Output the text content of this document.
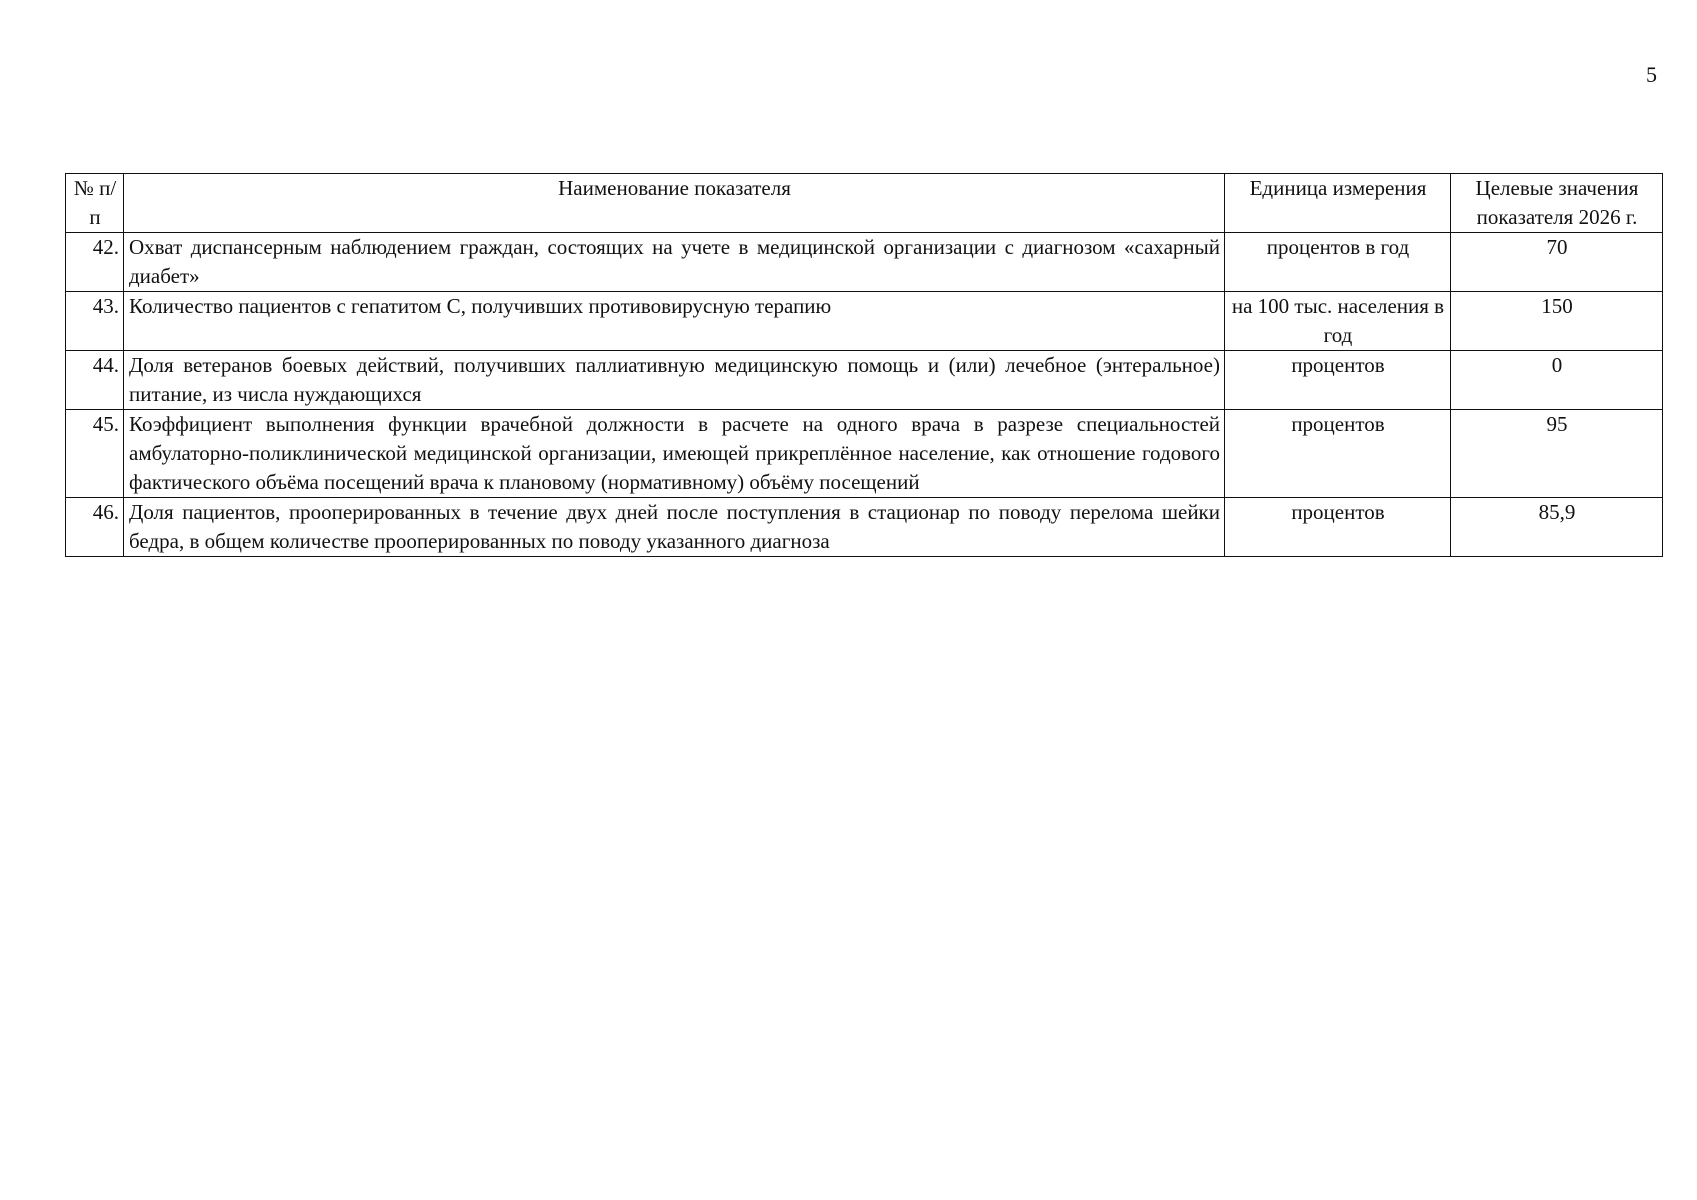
5
№ п/п	Наименование показателя	Единица измерения	Целевые значения показателя 2026 г.
42.	Охват диспансерным наблюдением граждан, состоящих на учете в медицинской организации с диагнозом «сахарный диабет»	процентов в год	70
43.	Количество пациентов с гепатитом С, получивших противовирусную терапию	на 100 тыс. населения в год	150
44.	Доля ветеранов боевых действий, получивших паллиативную медицинскую помощь и (или) лечебное (энтеральное) питание, из числа нуждающихся	процентов	0
45.	Коэффициент выполнения функции врачебной должности в расчете на одного врача в разрезе специальностей амбулаторно-поликлинической медицинской организации, имеющей прикреплённое население, как отношение годового фактического объёма посещений врача к плановому (нормативному) объёму посещений	процентов	95
46.	Доля пациентов, прооперированных в течение двух дней после поступления в стационар по поводу перелома шейки бедра, в общем количестве прооперированных по поводу указанного диагноза	процентов	85,9
